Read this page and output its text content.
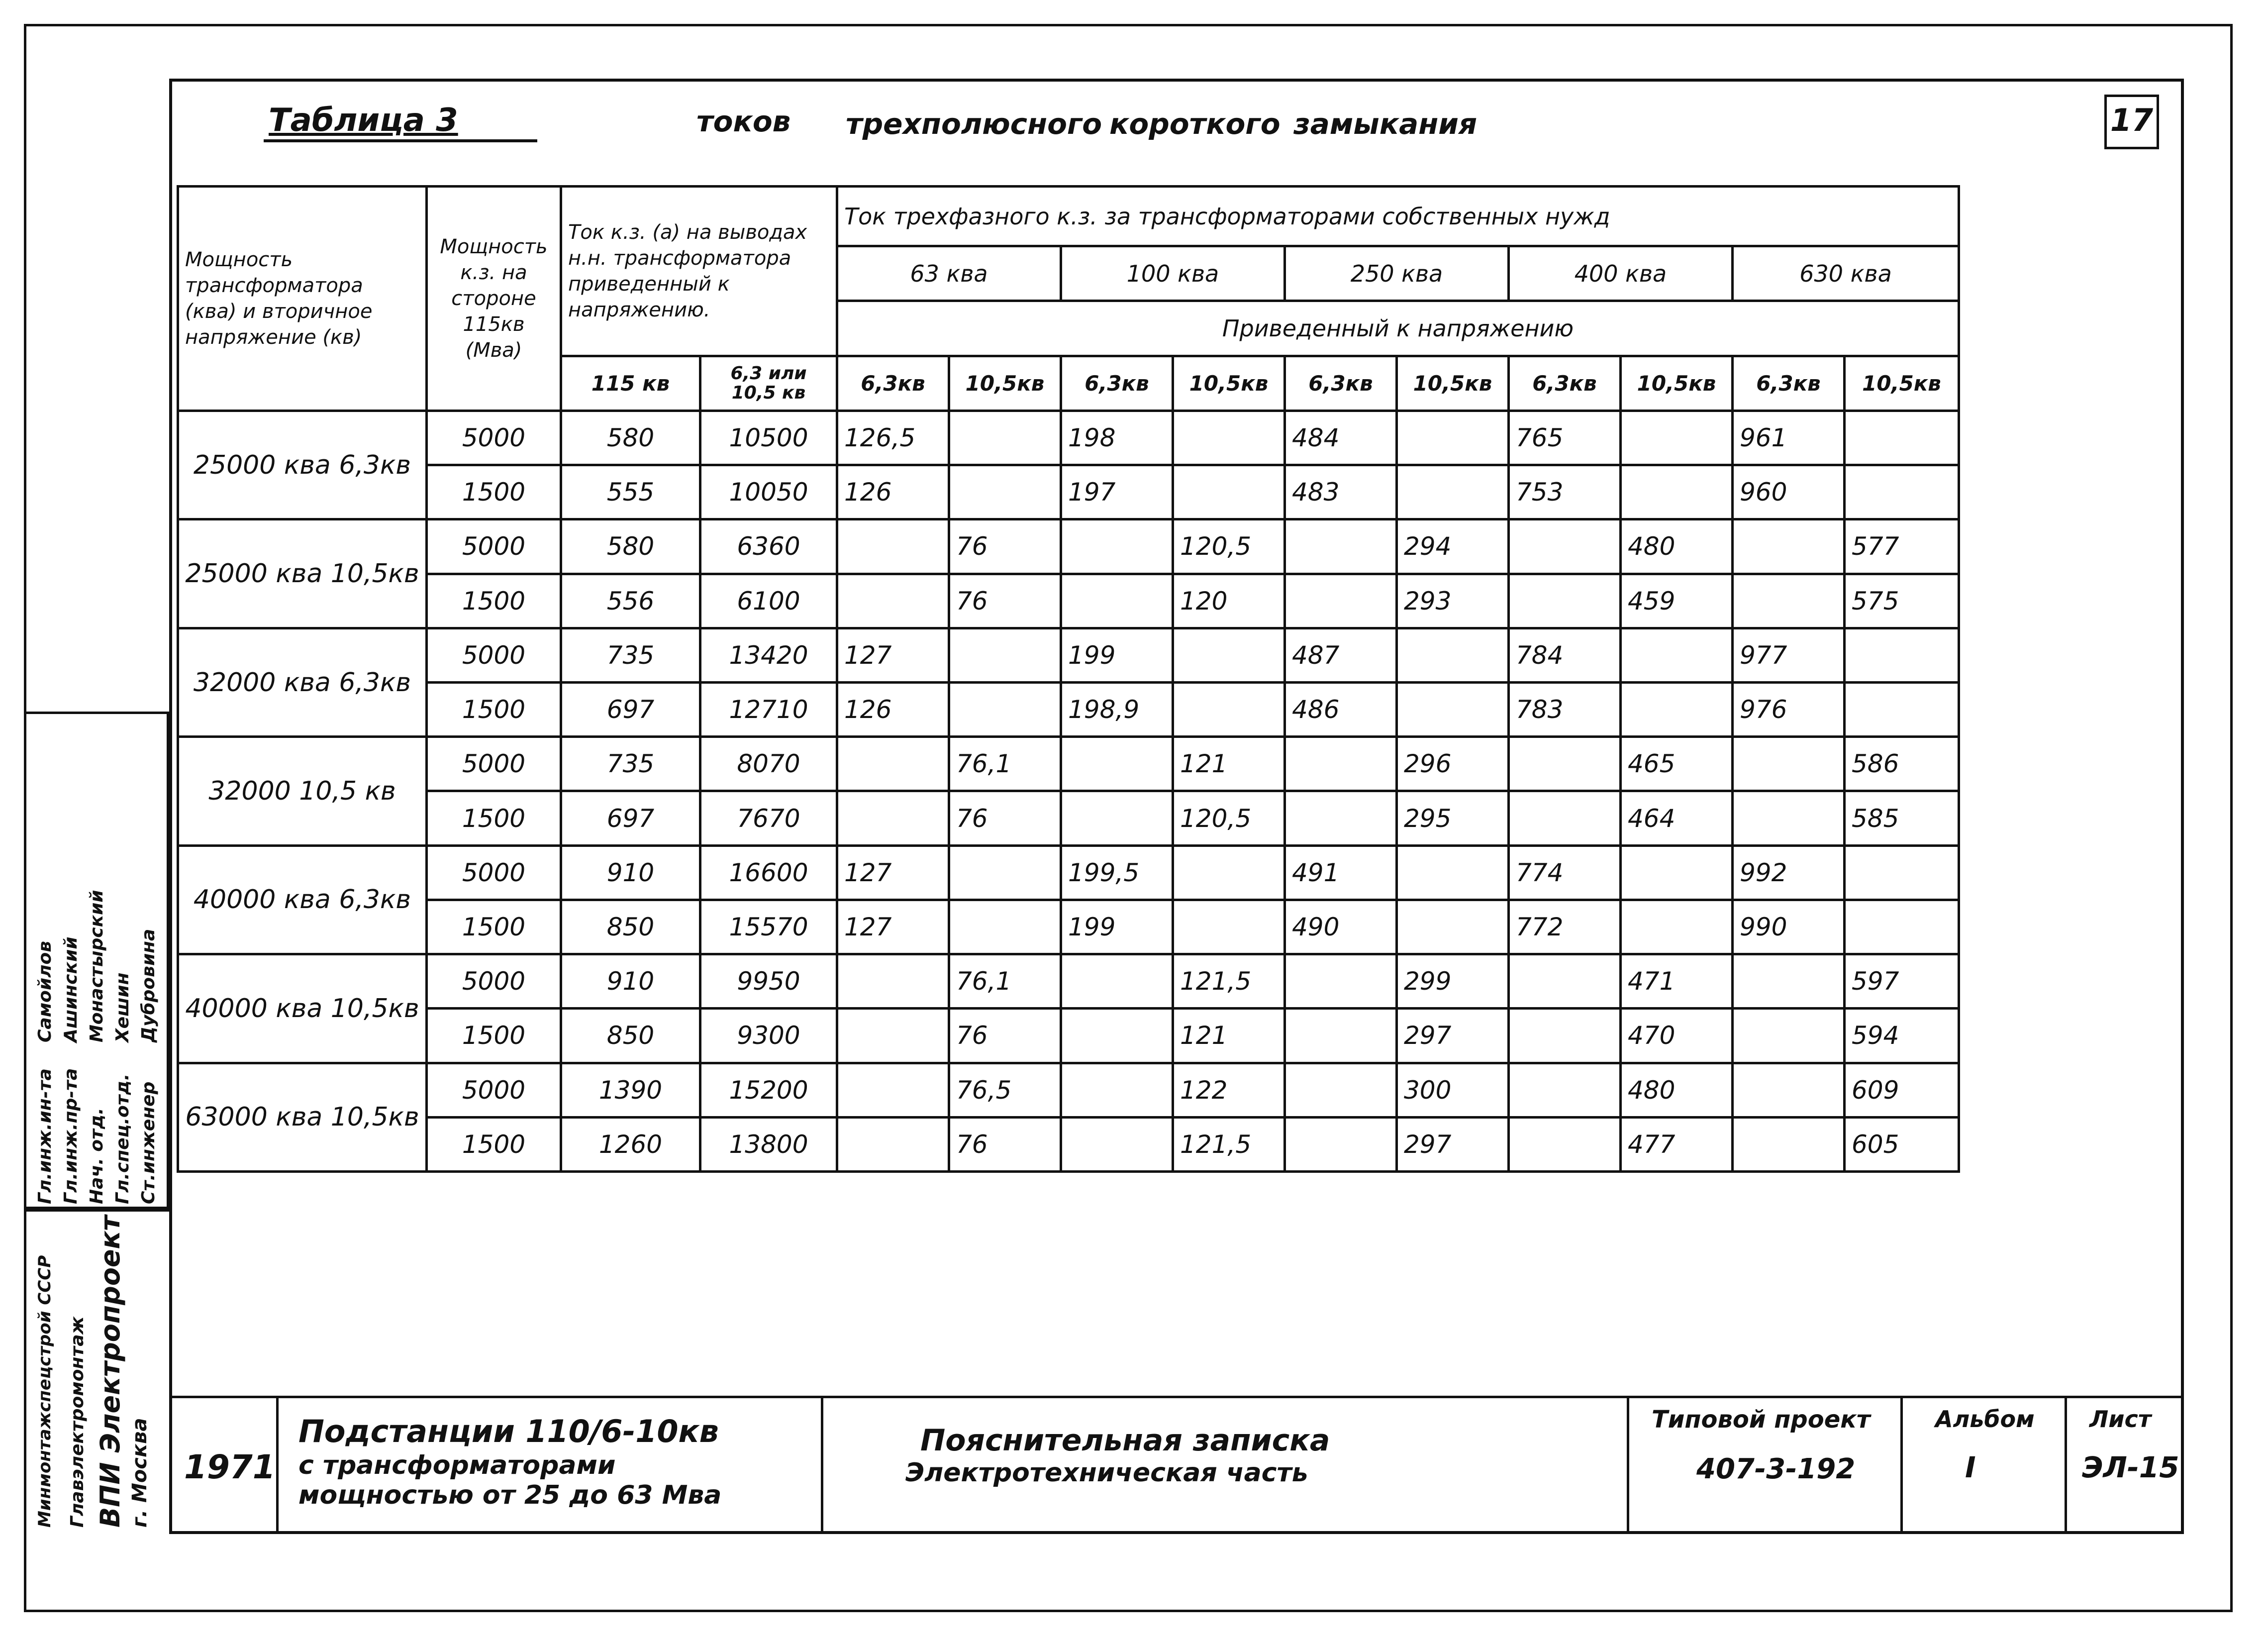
17
Таблица 3	токов трехполюсного короткого замыкания
Мощность трансформатора (ква) и вторичное напряжение (кв)	Мощность к.з. на стороне 115кв (Мва)	Ток к.з. (а) на выводах н.н. трансформатора приведенный к напряжению.		Ток трехфазного к.з. за трансформаторами собственных нужд									
				63 ква		100 ква		250 ква		400 ква		630 ква	
				Приведенный к напряжению									
		115 кв	6,3 или 10,5 кв	6,3кв	10,5кв	6,3кв	10,5кв	6,3кв	10,5кв	6,3кв	10,5кв	6,3кв	10,5кв
25000 ква 6,3кв	5000	580	10500	126,5		198		484		765		961	
	1500	555	10050	126		197		483		753		960	
25000 ква 10,5кв	5000	580	6360		76		120,5		294		480		577
	1500	556	6100		76		120		293		459		575
32000 ква 6,3кв	5000	735	13420	127		199		487		784		977	
	1500	697	12710	126		198,9		486		783		976	
32000 10,5 кв	5000	735	8070		76,1		121		296		465		586
	1500	697	7670		76		120,5		295		464		585
40000 ква 6,3кв	5000	910	16600	127		199,5		491		774		992	
	1500	850	15570	127		199		490		772		990	
40000 ква 10,5кв	5000	910	9950		76,1		121,5		299		471		597
	1500	850	9300		76		121		297		470		594
63000 ква 10,5кв	5000	1390	15200		76,5		122		300		480		609
	1500	1260	13800		76		121,5		297		477		605
Гл.инж.ин-та
Самойлов
Гл.инж.пр-та
Ашинский
Нач. отд.
Монастырский
Гл.спец.отд.
Хешин
Ст.инженер
Дубровина
Минмонтажспецстрой СССР Главэлектромонтаж ВПИ Электропроект г. Москва 1971
Подстанции 110/6-10кв
с трансформаторами
мощностью от 25 до 63 Мва
Пояснительная записка
Электротехническая часть
Типовой проект
407-3-192
Альбом
I
Лист
ЭЛ-15
